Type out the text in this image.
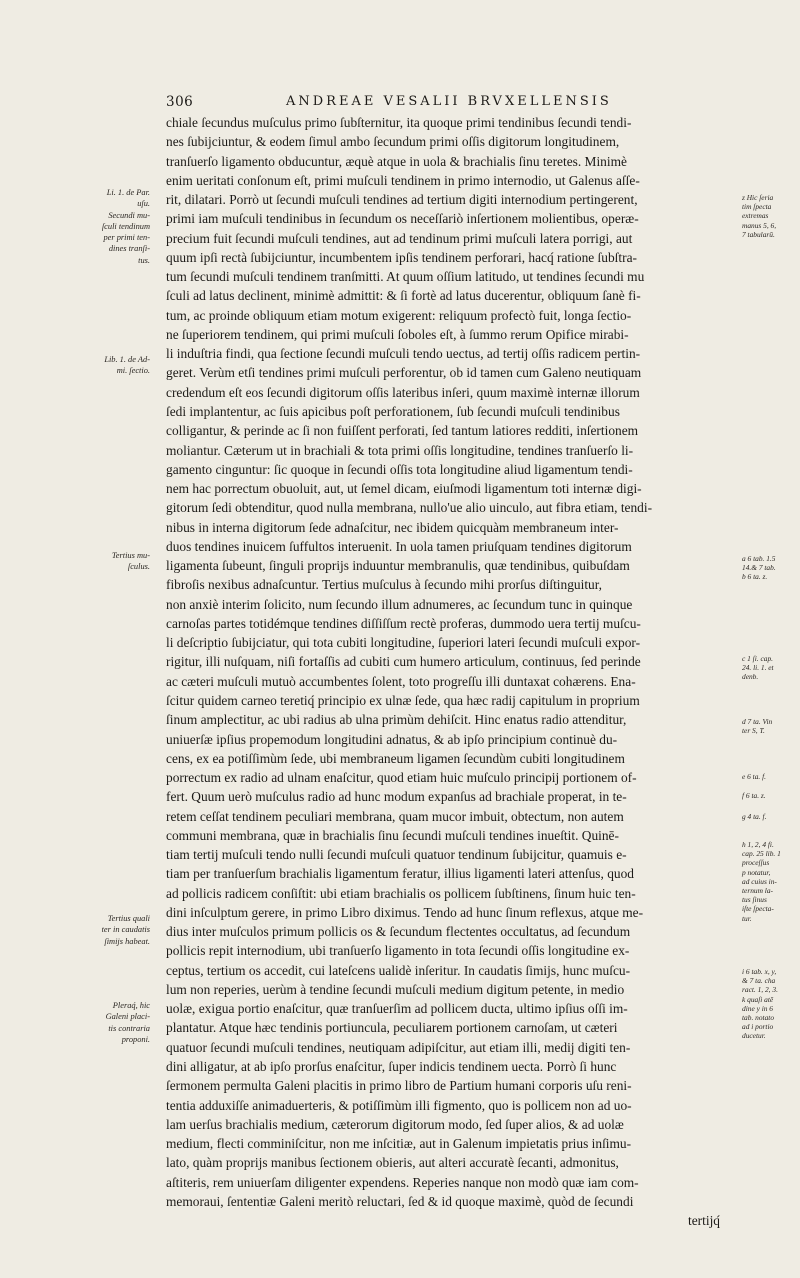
306	ANDREAE VESALII BRVXELLENSIS
chiale ſecundus muſculus primo ſubſternitur, ita quoque primi tendinibus ſecundi tendi-
nes ſubijciuntur, & eodem ſimul ambo ſecundum primi oſſis digitorum longitudinem,
tranſuerſo ligamento obducuntur, æquè atque in uola & brachialis ſinu teretes. Minimè
enim ueritati conſonum eſt, primi muſculi tendinem in primo internodio, ut Galenus aſſe-
rit, dilatari. Porrò ut ſecundi muſculi tendines ad tertium digiti internodium pertingerent,
primi iam muſculi tendinibus in ſecundum os neceſſariò inſertionem molientibus, operæ-
precium fuit ſecundi muſculi tendines, aut ad tendinum primi muſculi latera porrigi, aut
quum ipſi rectà ſubijciuntur, incumbentem ipſis tendinem perforari, hacq́ ratione ſubſtra-
tum ſecundi muſculi tendinem tranſmitti. At quum oſſium latitudo, ut tendines ſecundi mu
ſculi ad latus declinent, minimè admittit: & ſi fortè ad latus ducerentur, obliquum ſanè fi-
tum, ac proinde obliquum etiam motum exigerent: reliquum profectò fuit, longa ſectio-
ne ſuperiorem tendinem, qui primi muſculi ſoboles eſt, à ſummo rerum Opifice mirabi-
li induſtria findi, qua ſectione ſecundi muſculi tendo uectus, ad tertij oſſis radicem pertin-
geret. Verùm etſi tendines primi muſculi perforentur, ob id tamen cum Galeno neutiquam
credendum eſt eos ſecundi digitorum oſſis lateribus inſeri, quum maximè internæ illorum
ſedi implantentur, ac ſuis apicibus poſt perforationem, ſub ſecundi muſculi tendinibus
colligantur, & perinde ac ſi non fuiſſent perforati, ſed tantum latiores redditi, inſertionem
moliantur. Cæterum ut in brachiali & tota primi oſſis longitudine, tendines tranſuerſo li-
gamento cinguntur: ſic quoque in ſecundi oſſis tota longitudine aliud ligamentum tendi-
nem hac porrectum obuoluit, aut, ut ſemel dicam, eiuſmodi ligamentum toti internæ digi-
gitorum ſedi obtenditur, quod nulla membrana, nullo'ue alio uinculo, aut fibra etiam, tendi-
nibus in interna digitorum ſede adnaſcitur, nec ibidem quicquàm membraneum inter-
duos tendines inuicem ſuffultos interuenit. In uola tamen priuſquam tendines digitorum
ligamenta ſubeunt, ſinguli proprijs induuntur membranulis, quæ tendinibus, quibuſdam
fibroſis nexibus adnaſcuntur. Tertius muſculus à ſecundo mihi prorſus diſtinguitur,
non anxiè interim ſolicito, num ſecundo illum adnumeres, ac ſecundum tunc in quinque
carnoſas partes totidémque tendines diſſiſſum rectè proferas, dummodo uera tertij muſcu-
li deſcriptio ſubijciatur, qui tota cubiti longitudine, ſuperiori lateri ſecundi muſculi expor-
rigitur, illi nuſquam, niſi fortaſſis ad cubiti cum humero articulum, continuus, ſed perinde
ac cæteri muſculi mutuò accumbentes ſolent, toto progreſſu illi duntaxat cohærens. Ena-
ſcitur quidem carneo teretiq́ principio ex ulnæ ſede, qua hæc radij capitulum in proprium
ſinum amplectitur, ac ubi radius ab ulna primùm dehiſcit. Hinc enatus radio attenditur,
uniuerſæ ipſius propemodum longitudini adnatus, & ab ipſo principium continuè du-
cens, ex ea potiſſimùm ſede, ubi membraneum ligamen ſecundùm cubiti longitudinem
porrectum ex radio ad ulnam enaſcitur, quod etiam huic muſculo principij portionem of-
fert. Quum uerò muſculus radio ad hunc modum expanſus ad brachiale properat, in te-
retem ceſſat tendinem peculiari membrana, quam mucor imbuit, obtectum, non autem
communi membrana, quæ in brachialis ſinu ſecundi muſculi tendines inueſtit. Quinē-
tiam tertij muſculi tendo nulli ſecundi muſculi quatuor tendinum ſubijcitur, quamuis e-
tiam per tranſuerſum brachialis ligamentum feratur, illius ligamenti lateri attenſus, quod
ad pollicis radicem conſiſtit: ubi etiam brachialis os pollicem ſubſtinens, ſinum huic ten-
dini inſculptum gerere, in primo Libro diximus. Tendo ad hunc ſinum reflexus, atque me-
dius inter muſculos primum pollicis os & ſecundum flectentes occultatus, ad ſecundum
pollicis repit internodium, ubi tranſuerſo ligamento in tota ſecundi oſſis longitudine ex-
ceptus, tertium os accedit, cui lateſcens ualidè inſeritur. In caudatis ſimijs, hunc muſcu-
lum non reperies, uerùm à tendine ſecundi muſculi medium digitum petente, in medio
uolæ, exigua portio enaſcitur, quæ tranſuerſim ad pollicem ducta, ultimo ipſius oſſi im-
plantatur. Atque hæc tendinis portiuncula, peculiarem portionem carnoſam, ut cæteri
quatuor ſecundi muſculi tendines, neutiquam adipiſcitur, aut etiam illi, medij digiti ten-
dini alligatur, at ab ipſo prorſus enaſcitur, ſuper indicis tendinem uecta. Porrò ſi hunc
ſermonem permulta Galeni placitis in primo libro de Partium humani corporis uſu reni-
tentia adduxiſſe animaduerteris, & potiſſimùm illi figmento, quo is pollicem non ad uo-
lam uerſus brachialis medium, cæterorum digitorum modo, ſed ſuper alios, & ad uolæ
medium, flecti comminiſcitur, non me inſcitiæ, aut in Galenum impietatis prius inſimu-
lato, quàm proprijs manibus ſectionem obieris, aut alteri accuratè ſecanti, admonitus,
aſtiteris, rem uniuerſam diligenter expendens. Reperies nanque non modò quæ iam com-
memoraui, ſententiæ Galeni meritò reluctari, ſed & id quoque maximè, quòd de ſecundi
tertijq́
Li. 1. de Par.
uſu.
Secundi mu-
ſculi tendinum
per primi ten-
dines tranſi-
tus.
Lib. 1. de Ad-
mi. ſectio.
Tertius mu-
ſculus.
Tertius quali
ter in caudatis
ſimijs habeat.
Pleraq́, hic
Galeni placi-
tis contraria
proponi.
z Hic ſeria
tim ſpecta
extremas
manus 5, 6,
7 tabularū.
a 6 tab. 1.5
14.& 7 tab.
b 6 ta. z.
c 1 ſi. cap.
24. li. 1. et
denb.
d 7 ta. Vin
ter S, T.
e 6 ta. f.
f 6 ta. z.
g 4 ta. f.
h 1, 2, 4 fi.
cap. 25 lib. 1
proceſſus
p notatur,
ad cuius in-
ternum la-
tus ſinus
iſte ſpecta-
tur.
i 6 tab. x, y,
& 7 ta. cha
ract. 1, 2, 3.
k quaſi atē
dine y in 6
tab. notato
ad i portio
ducetur.
